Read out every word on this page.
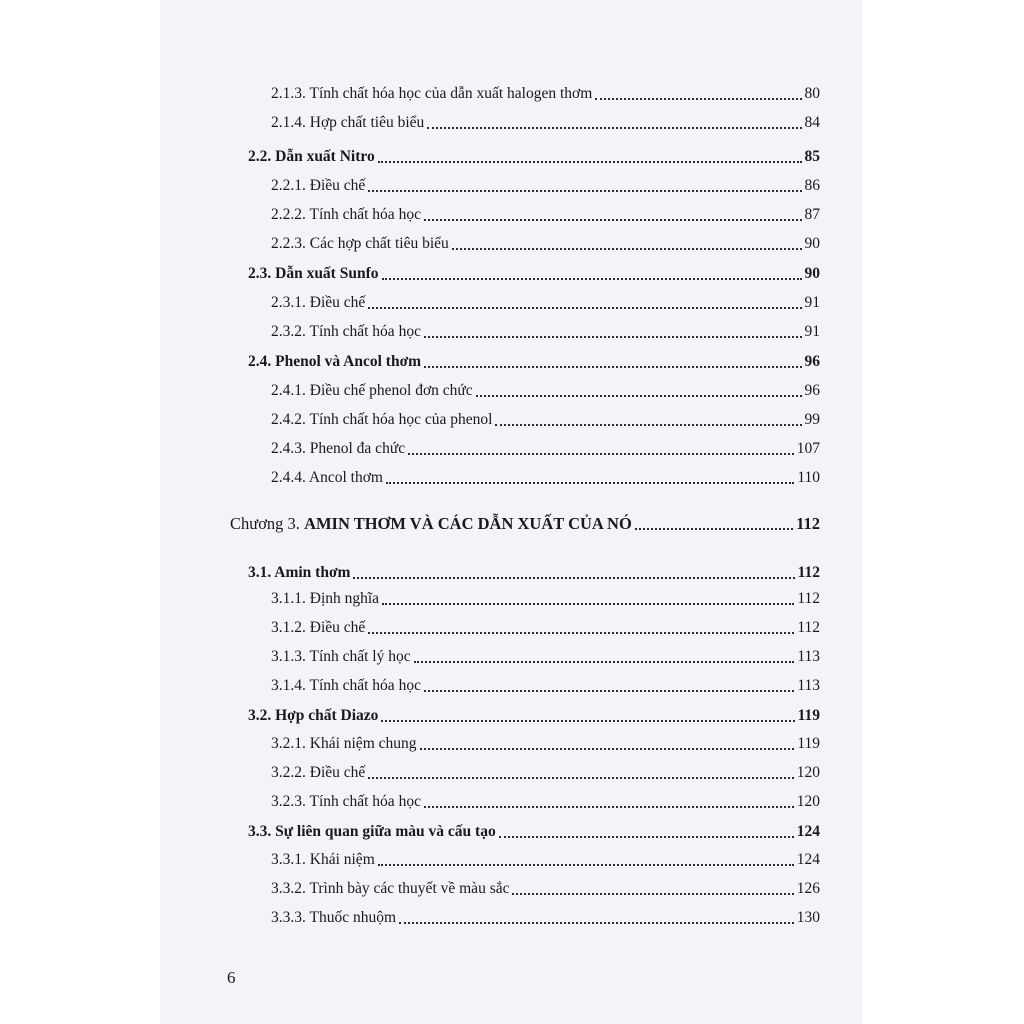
2.1.3. Tính chất hóa học của dẫn xuất halogen thơm	80
2.1.4. Hợp chất tiêu biểu	84
2.2. Dẫn xuất Nitro	85
2.2.1. Điều chế	86
2.2.2. Tính chất hóa học	87
2.2.3. Các hợp chất tiêu biểu	90
2.3. Dẫn xuất Sunfo	90
2.3.1. Điều chế	91
2.3.2. Tính chất hóa học	91
2.4. Phenol và Ancol thơm	96
2.4.1. Điều chế phenol đơn chức	96
2.4.2. Tính chất hóa học của phenol	99
2.4.3. Phenol đa chức	107
2.4.4. Ancol thơm	110
Chương 3. AMIN THƠM VÀ CÁC DẪN XUẤT CỦA NÓ	112
3.1. Amin thơm	112
3.1.1. Định nghĩa	112
3.1.2. Điều chế	112
3.1.3. Tính chất lý học	113
3.1.4. Tính chất hóa học	113
3.2. Hợp chất Diazo	119
3.2.1. Khái niệm chung	119
3.2.2. Điều chế	120
3.2.3. Tính chất hóa học	120
3.3. Sự liên quan giữa màu và cấu tạo	124
3.3.1. Khái niệm	124
3.3.2. Trình bày các thuyết về màu sắc	126
3.3.3. Thuốc nhuộm	130
6
